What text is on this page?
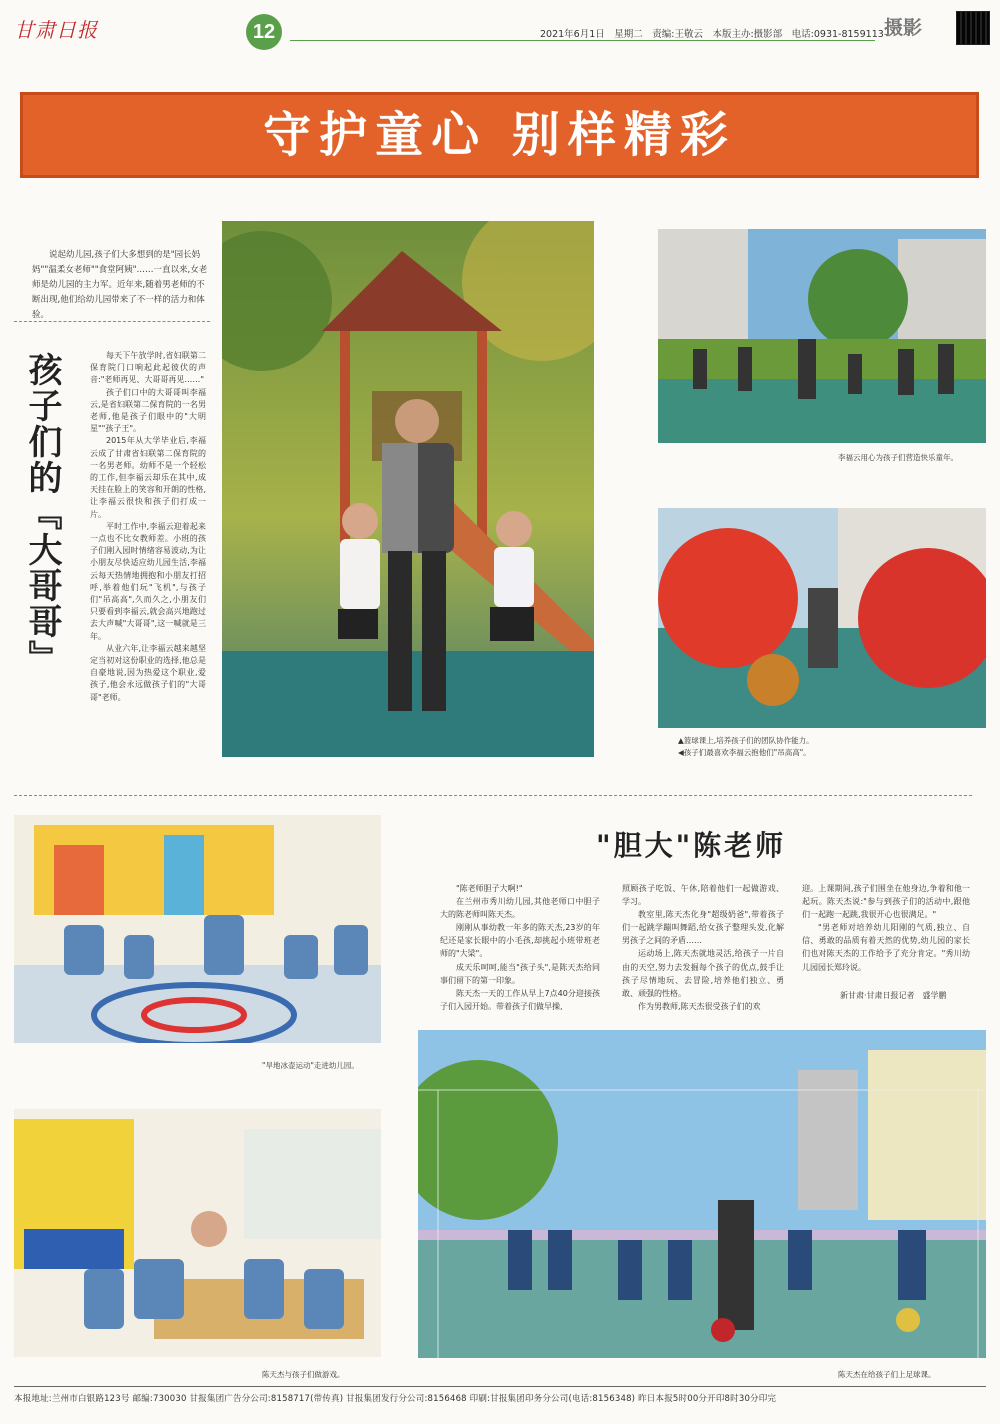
甘肃日报	12	2021年6月1日　星期二　责编:王敬云　本版主办:摄影部　电话:0931-8159113 摄影
守护童心 别样精彩
说起幼儿园,孩子们大多想到的是"园长妈妈""温柔女老师""食堂阿姨"……一直以来,女老师是幼儿园的主力军。近年来,随着男老师的不断出现,他们给幼儿园带来了不一样的活力和体验。
孩子们的『大哥哥』	每天下午放学时,省妇联第二保育院门口响起此起彼伏的声音:"老师再见、大哥哥再见……"

孩子们口中的大哥哥叫李福云,是省妇联第二保育院的一名男老师,他是孩子们眼中的"大明星""孩子王"。

2015年从大学毕业后,李福云成了甘肃省妇联第二保育院的一名男老师。幼师不是一个轻松的工作,但李福云却乐在其中,成天挂在脸上的笑容和开朗的性格,让李福云很快和孩子们打成一片。

平时工作中,李福云迎着起来一点也不比女教师差。小班的孩子们刚入园时情绪容易波动,为让小朋友尽快适应幼儿园生活,李福云每天热情地拥抱和小朋友打招呼,举着他们玩"飞机",与孩子们"吊高高",久而久之,小朋友们只要看到李福云,就会高兴地跑过去大声喊"大哥哥",这一喊就是三年。

从业六年,让李福云越来越坚定当初对这份职业的选择,他总是自豪地说,因为热爱这个职业,爱孩子,他会永远做孩子们的"大哥哥"老师。

李福云用心为孩子们营造快乐童年。
▲篮球课上,培养孩子们的团队协作能力。
◀孩子们最喜欢李福云抱他们"吊高高"。
"旱地冰壶运动"走进幼儿园。
陈天杰与孩子们做游戏。
"胆大"陈老师

"陈老师胆子大啊!"

在兰州市秀川幼儿园,其他老师口中胆子大的陈老师叫陈天杰。

刚刚从事幼教一年多的陈天杰,23岁的年纪还是家长眼中的小毛孩,却挑起小班带班老师的"大梁"。

成天乐呵呵,能当"孩子头",是陈天杰给同事们留下的第一印象。

陈天杰一天的工作从早上7点40分迎接孩子们入园开始。带着孩子们做早操,

照顾孩子吃饭、午休,陪着他们一起做游戏、学习。

教室里,陈天杰化身"超级奶爸",带着孩子们一起跳学蹦叫舞蹈,给女孩子整理头发,化解男孩子之间的矛盾……

运动场上,陈天杰就地灵活,给孩子一片自由的天空,努力去发掘每个孩子的优点,鼓手让孩子尽情地玩、去冒险,培养他们独立、勇敢、顽强的性格。

作为男教师,陈天杰很受孩子们的欢

迎。上课期间,孩子们围坐在他身边,争着和他一起玩。陈天杰说:"参与到孩子们的活动中,跟他们一起跑一起跳,我很开心也很满足。"

"男老师对培养幼儿阳刚的气质,独立、自信、勇敢的品质有着天然的优势,幼儿园的家长们也对陈天杰的工作给予了充分肯定。"秀川幼儿园园长郑玲说。

新甘肃·甘肃日报记者　盛学鹏
陈天杰在给孩子们上足球课。
本报地址:兰州市白银路123号 邮编:730030 甘报集团广告分公司:8158717(带传真) 甘报集团发行分公司:8156468 印刷:甘报集团印务分公司(电话:8156348) 昨日本报5时00分开印8时30分印完
